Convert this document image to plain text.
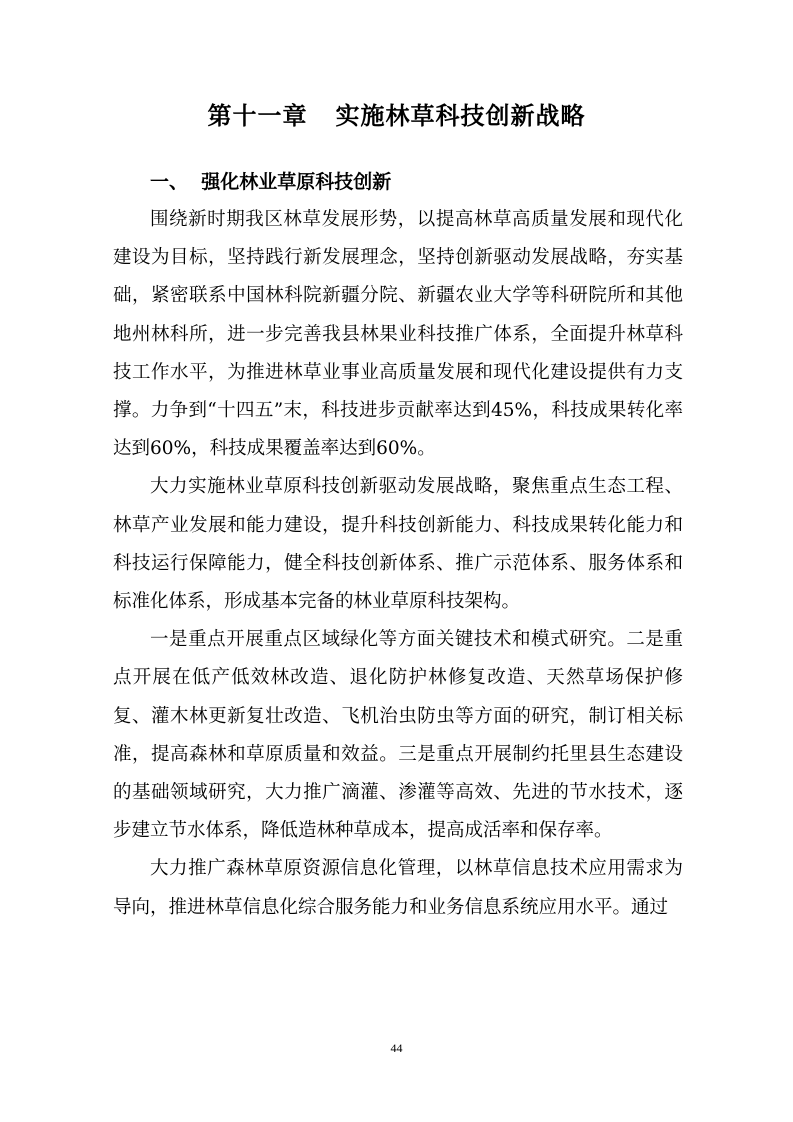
第十一章   实施林草科技创新战略
一、  强化林业草原科技创新

围绕新时期我区林草发展形势，以提高林草高质量发展和现代化建设为目标，坚持践行新发展理念，坚持创新驱动发展战略，夯实基础，紧密联系中国林科院新疆分院、新疆农业大学等科研院所和其他地州林科所，进一步完善我县林果业科技推广体系，全面提升林草科技工作水平，为推进林草业事业高质量发展和现代化建设提供有力支撑。力争到“十四五”末，科技进步贡献率达到45%，科技成果转化率达到60%，科技成果覆盖率达到60%。

大力实施林业草原科技创新驱动发展战略，聚焦重点生态工程、林草产业发展和能力建设，提升科技创新能力、科技成果转化能力和科技运行保障能力，健全科技创新体系、推广示范体系、服务体系和标准化体系，形成基本完备的林业草原科技架构。

一是重点开展重点区域绿化等方面关键技术和模式研究。二是重点开展在低产低效林改造、退化防护林修复改造、天然草场保护修复、灌木林更新复壮改造、飞机治虫防虫等方面的研究，制订相关标准，提高森林和草原质量和效益。三是重点开展制约托里县生态建设的基础领域研究，大力推广滴灌、渗灌等高效、先进的节水技术，逐步建立节水体系，降低造林种草成本，提高成活率和保存率。

大力推广森林草原资源信息化管理，以林草信息技术应用需求为导向，推进林草信息化综合服务能力和业务信息系统应用水平。通过

44
